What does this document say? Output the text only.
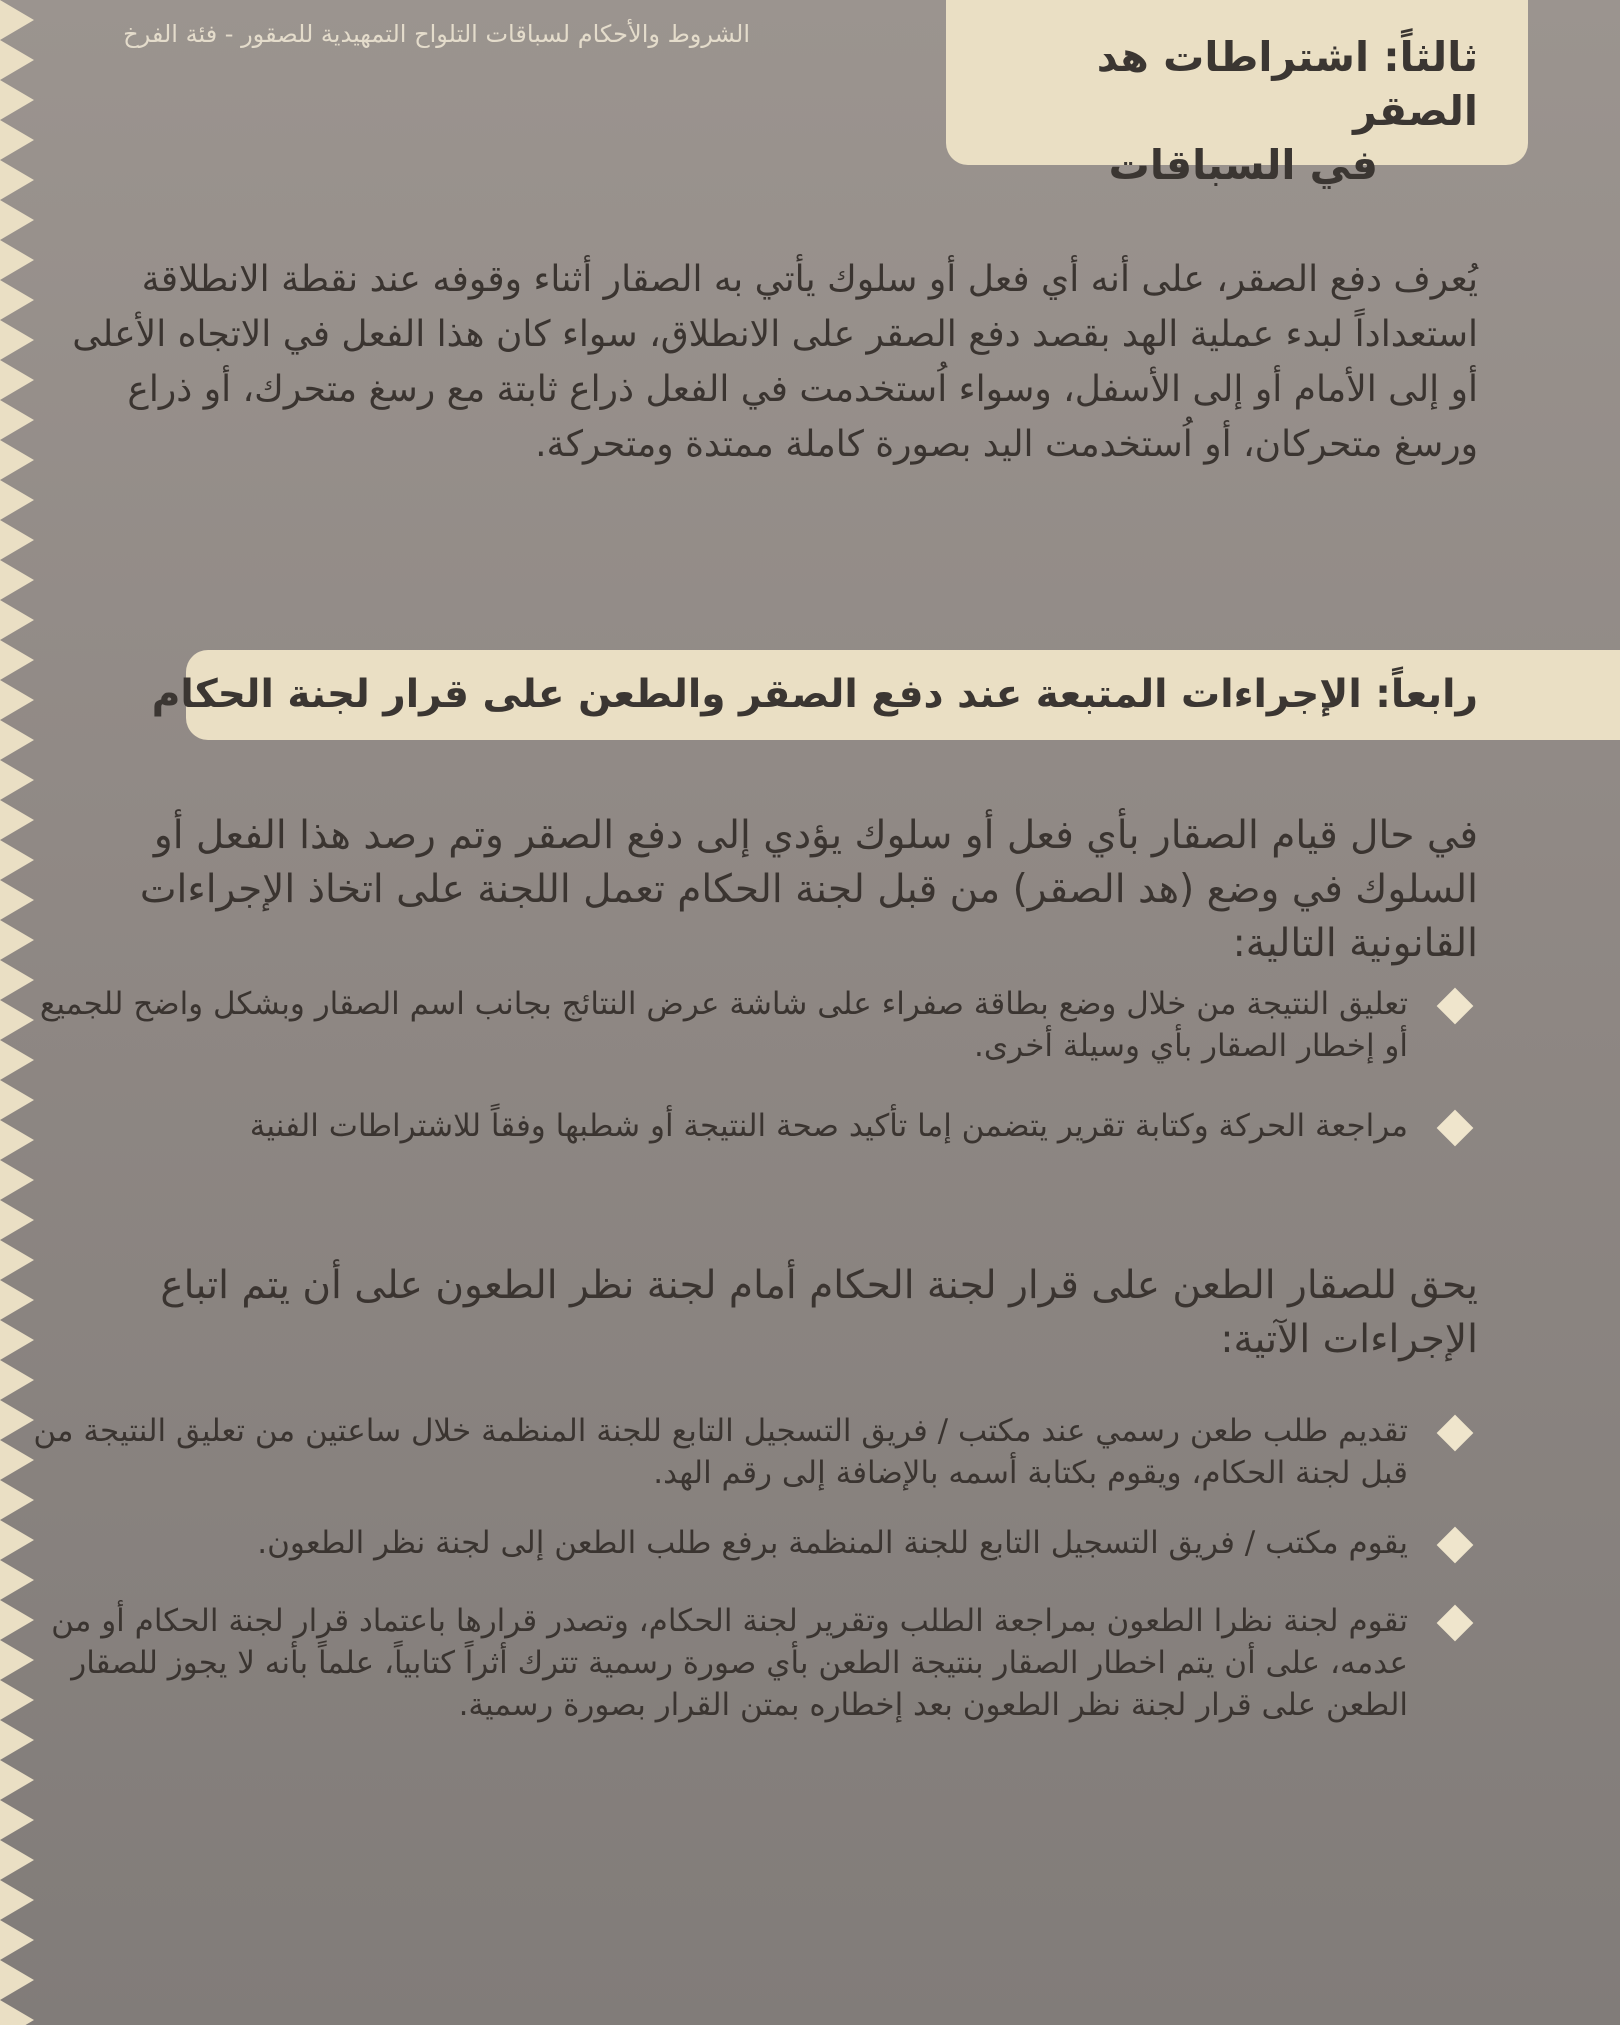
الشروط والأحكام لسباقات التلواح التمهيدية للصقور - فئة الفرخ	ثالثاً: اشتراطات هد الصقر
في السباقات

يُعرف دفع الصقر، على أنه أي فعل أو سلوك يأتي به الصقار أثناء وقوفه عند نقطة الانطلاقة استعداداً لبدء عملية الهد بقصد دفع الصقر على الانطلاق، سواء كان هذا الفعل في الاتجاه الأعلى أو إلى الأمام أو إلى الأسفل، وسواء اُستخدمت في الفعل ذراع ثابتة مع رسغ متحرك، أو ذراع ورسغ متحركان، أو اُستخدمت اليد بصورة كاملة ممتدة ومتحركة.

رابعاً: الإجراءات المتبعة عند دفع الصقر والطعن على قرار لجنة الحكام

في حال قيام الصقار بأي فعل أو سلوك يؤدي إلى دفع الصقر وتم رصد هذا الفعل أو السلوك في وضع (هد الصقر) من قبل لجنة الحكام تعمل اللجنة على اتخاذ الإجراءات القانونية التالية:

تعليق النتيجة من خلال وضع بطاقة صفراء على شاشة عرض النتائج بجانب اسم الصقار وبشكل واضح للجميع أو إخطار الصقار بأي وسيلة أخرى.
مراجعة الحركة وكتابة تقرير يتضمن إما تأكيد صحة النتيجة أو شطبها وفقاً للاشتراطات الفنية

يحق للصقار الطعن على قرار لجنة الحكام أمام لجنة نظر الطعون على أن يتم اتباع الإجراءات الآتية:

تقديم طلب طعن رسمي عند مكتب / فريق التسجيل التابع للجنة المنظمة خلال ساعتين من تعليق النتيجة من قبل لجنة الحكام، ويقوم بكتابة أسمه بالإضافة إلى رقم الهد.
يقوم مكتب / فريق التسجيل التابع للجنة المنظمة برفع طلب الطعن إلى لجنة نظر الطعون.
تقوم لجنة نظرا الطعون بمراجعة الطلب وتقرير لجنة الحكام، وتصدر قرارها باعتماد قرار لجنة الحكام أو من عدمه، على أن يتم اخطار الصقار بنتيجة الطعن بأي صورة رسمية تترك أثراً كتابياً، علماً بأنه لا يجوز للصقار الطعن على قرار لجنة نظر الطعون بعد إخطاره بمتن القرار بصورة رسمية.
